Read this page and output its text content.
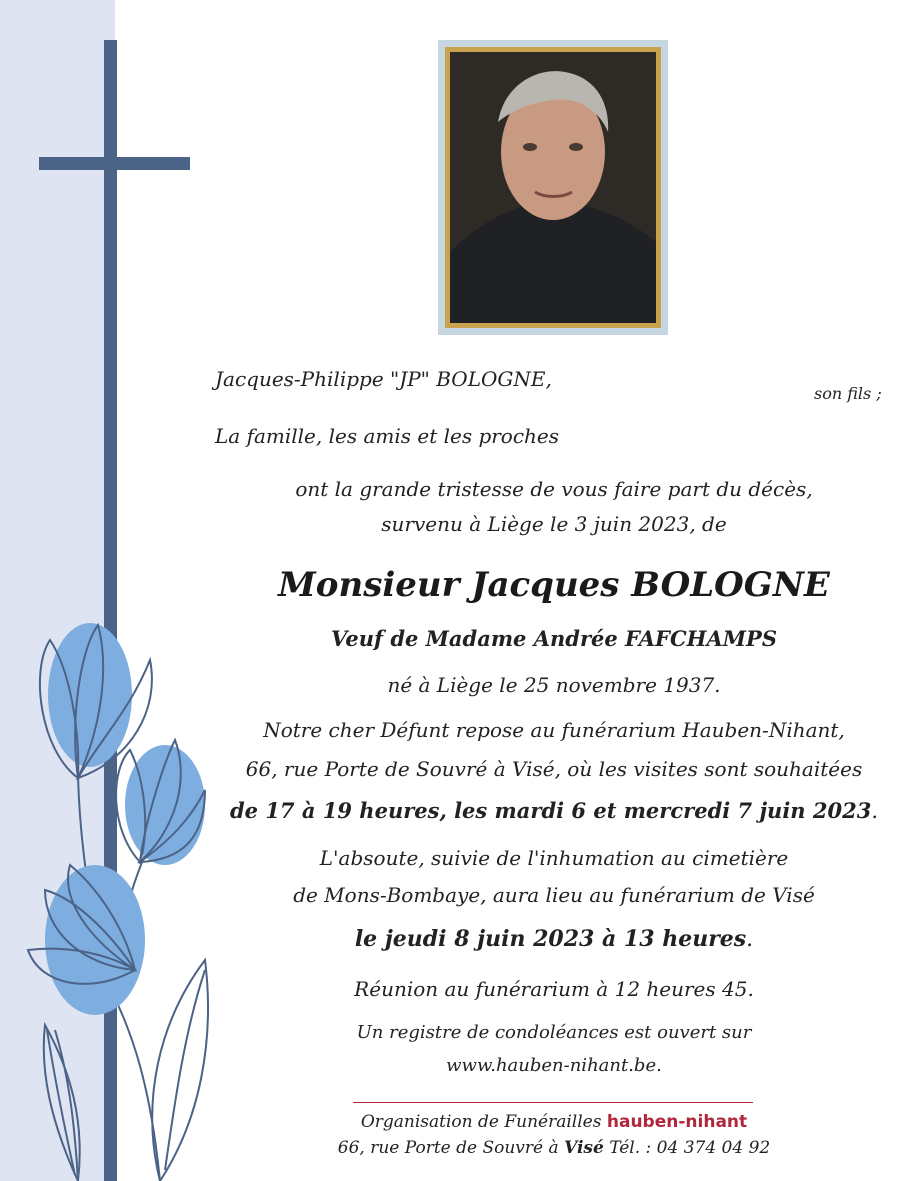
Jacques-Philippe "JP" BOLOGNE,
son fils ;
La famille, les amis et les proches
ont la grande tristesse de vous faire part du décès,
survenu à Liège le 3 juin 2023, de
Monsieur Jacques BOLOGNE
Veuf de Madame Andrée FAFCHAMPS
né à Liège le 25 novembre 1937.
Notre cher Défunt repose au funérarium Hauben-Nihant,
66, rue Porte de Souvré à Visé, où les visites sont souhaitées
de 17 à 19 heures, les mardi 6 et mercredi 7 juin 2023.
L'absoute, suivie de l'inhumation au cimetière
de Mons-Bombaye, aura lieu au funérarium de Visé
le jeudi 8 juin 2023 à 13 heures.
Réunion au funérarium à 12 heures 45.
Un registre de condoléances est ouvert sur
www.hauben-nihant.be.
Organisation de Funérailles hauben-nihant
66, rue Porte de Souvré à Visé Tél. : 04 374 04 92
